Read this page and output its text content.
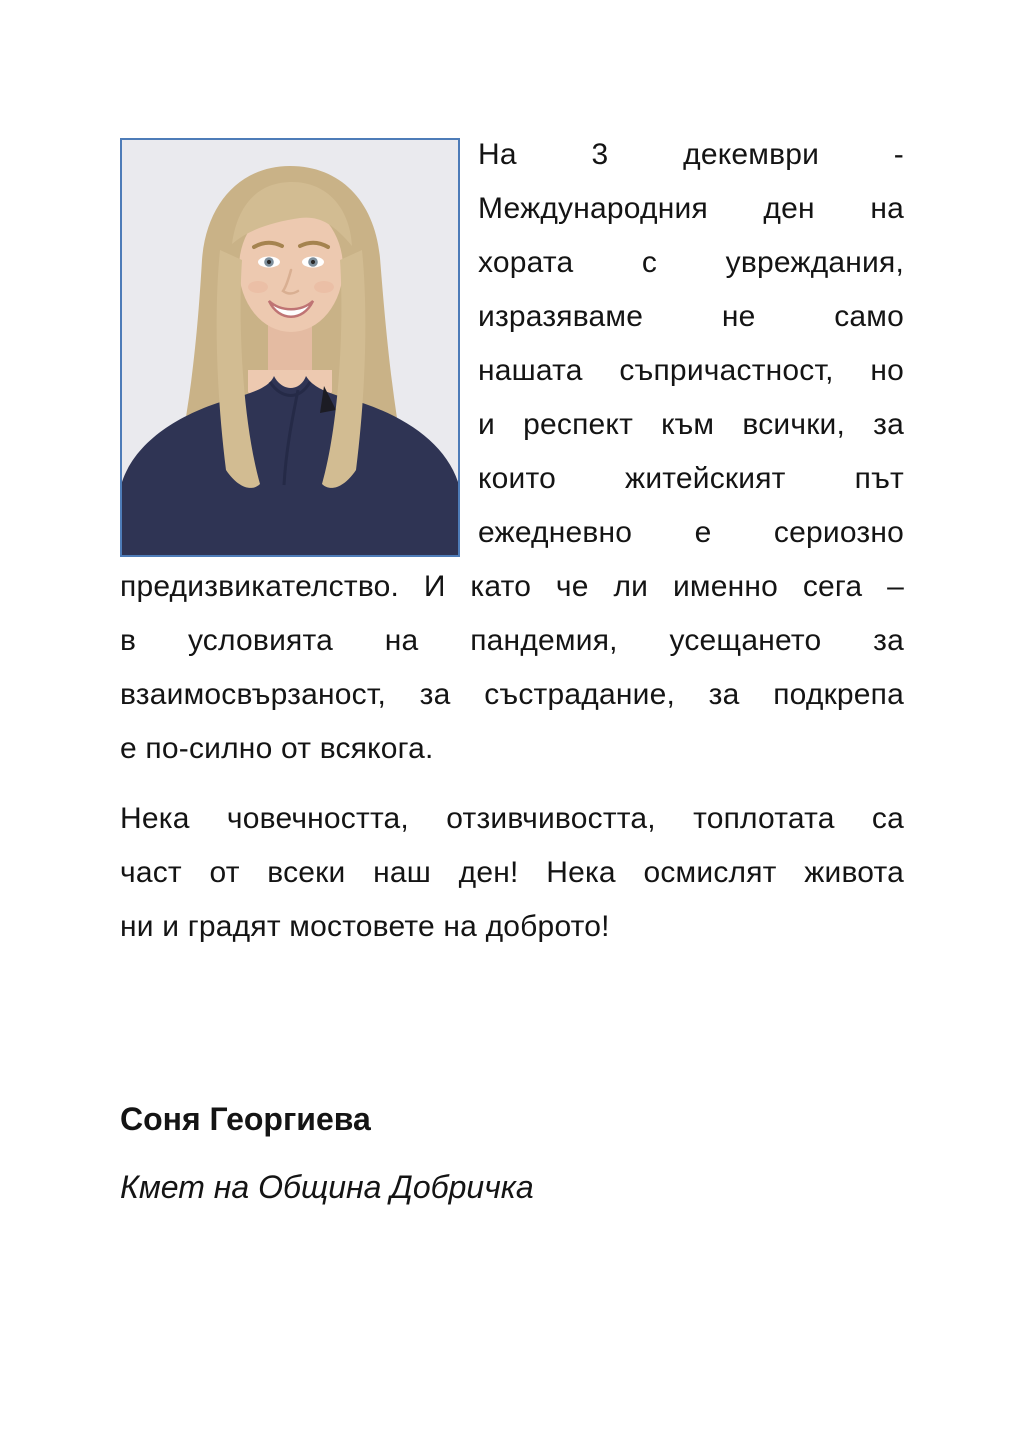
На 3 декември -
Международния ден на
хората с увреждания,
изразяваме не само
нашата съпричастност, но
и респект към всички, за
които житейският път
ежедневно е сериозно
предизвикателство. И като че ли именно сега –
в условията на пандемия, усещането за
взаимосвързаност, за състрадание, за подкрепа
е по-силно от всякога.
Нека човечността, отзивчивостта, топлотата са
част от всеки наш ден! Нека осмислят живота
ни и градят мостовете на доброто!
Соня Георгиева
Кмет на Община Добричка
